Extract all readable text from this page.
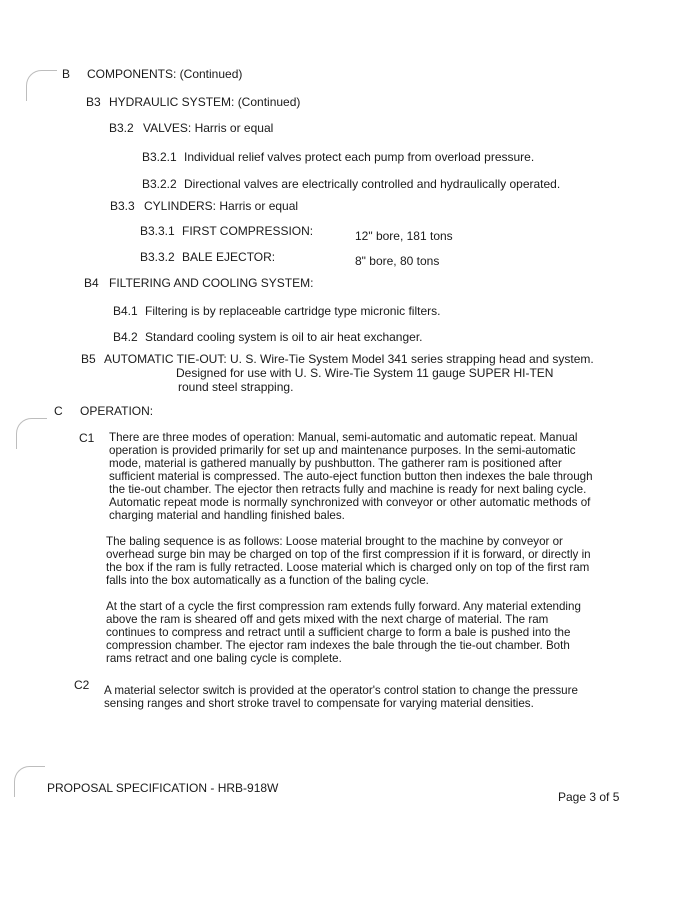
B COMPONENTS: (Continued)
B3 HYDRAULIC SYSTEM: (Continued)
B3.2 VALVES: Harris or equal
B3.2.1 Individual relief valves protect each pump from overload pressure.
B3.2.2 Directional valves are electrically controlled and hydraulically operated.
B3.3 CYLINDERS: Harris or equal
B3.3.1 FIRST COMPRESSION:	12" bore, 181 tons
B3.3.2 BALE EJECTOR:	8" bore, 80 tons
B4 FILTERING AND COOLING SYSTEM:
B4.1 Filtering is by replaceable cartridge type micronic filters.
B4.2 Standard cooling system is oil to air heat exchanger.
B5 AUTOMATIC TIE-OUT: U. S. Wire-Tie System Model 341 series strapping head and system.
Designed for use with U. S. Wire-Tie System 11 gauge SUPER HI-TEN
round steel strapping.
C OPERATION:
C1 There are three modes of operation: Manual, semi-automatic and automatic repeat. Manual
operation is provided primarily for set up and maintenance purposes. In the semi-automatic
mode, material is gathered manually by pushbutton. The gatherer ram is positioned after
sufficient material is compressed. The auto-eject function button then indexes the bale through
the tie-out chamber. The ejector then retracts fully and machine is ready for next baling cycle.
Automatic repeat mode is normally synchronized with conveyor or other automatic methods of
charging material and handling finished bales.
The baling sequence is as follows: Loose material brought to the machine by conveyor or
overhead surge bin may be charged on top of the first compression if it is forward, or directly in
the box if the ram is fully retracted. Loose material which is charged only on top of the first ram
falls into the box automatically as a function of the baling cycle.
At the start of a cycle the first compression ram extends fully forward. Any material extending
above the ram is sheared off and gets mixed with the next charge of material. The ram
continues to compress and retract until a sufficient charge to form a bale is pushed into the
compression chamber. The ejector ram indexes the bale through the tie-out chamber. Both
rams retract and one baling cycle is complete.
C2 A material selector switch is provided at the operator's control station to change the pressure
sensing ranges and short stroke travel to compensate for varying material densities.
PROPOSAL SPECIFICATION - HRB-918W
Page 3 of 5
